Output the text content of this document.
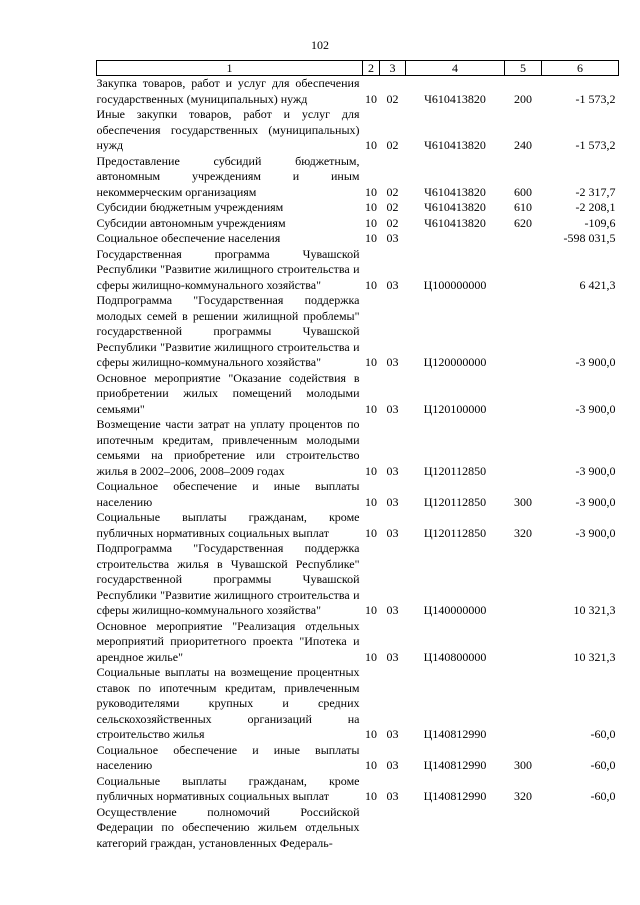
102
1	2	3	4	5	6
Закупка товаров, работ и услуг для обеспечения государственных (муниципальных) нужд	10	02	Ч610413820	200	-1 573,2
Иные закупки товаров, работ и услуг для обеспечения государственных (муниципальных) нужд	10	02	Ч610413820	240	-1 573,2
Предоставление субсидий бюджетным, автономным учреждениям и иным некоммерческим организациям	10	02	Ч610413820	600	-2 317,7
Субсидии бюджетным учреждениям	10	02	Ч610413820	610	-2 208,1
Субсидии автономным учреждениям	10	02	Ч610413820	620	-109,6
Социальное обеспечение населения	10	03			-598 031,5
Государственная программа Чувашской Республики "Развитие жилищного строительства и сферы жилищно-коммунального хозяйства"	10	03	Ц100000000		6 421,3
Подпрограмма "Государственная поддержка молодых семей в решении жилищной проблемы" государственной программы Чувашской Республики "Развитие жилищного строительства и сферы жилищно-коммунального хозяйства"	10	03	Ц120000000		-3 900,0
Основное мероприятие "Оказание содействия в приобретении жилых помещений молодыми семьями"	10	03	Ц120100000		-3 900,0
Возмещение части затрат на уплату процентов по ипотечным кредитам, привлеченным молодыми семьями на приобретение или строительство жилья в 2002–2006, 2008–2009 годах	10	03	Ц120112850		-3 900,0
Социальное обеспечение и иные выплаты населению	10	03	Ц120112850	300	-3 900,0
Социальные выплаты гражданам, кроме публичных нормативных социальных выплат	10	03	Ц120112850	320	-3 900,0
Подпрограмма "Государственная поддержка строительства жилья в Чувашской Республике" государственной программы Чувашской Республики "Развитие жилищного строительства и сферы жилищно-коммунального хозяйства"	10	03	Ц140000000		10 321,3
Основное мероприятие "Реализация отдельных мероприятий приоритетного проекта "Ипотека и арендное жилье"	10	03	Ц140800000		10 321,3
Социальные выплаты на возмещение процентных ставок по ипотечным кредитам, привлеченным руководителями крупных и средних сельскохозяйственных организаций на строительство жилья	10	03	Ц140812990		-60,0
Социальное обеспечение и иные выплаты населению	10	03	Ц140812990	300	-60,0
Социальные выплаты гражданам, кроме публичных нормативных социальных выплат	10	03	Ц140812990	320	-60,0
Осуществление полномочий Российской Федерации по обеспечению жильем отдельных категорий граждан, установленных Федераль-					
